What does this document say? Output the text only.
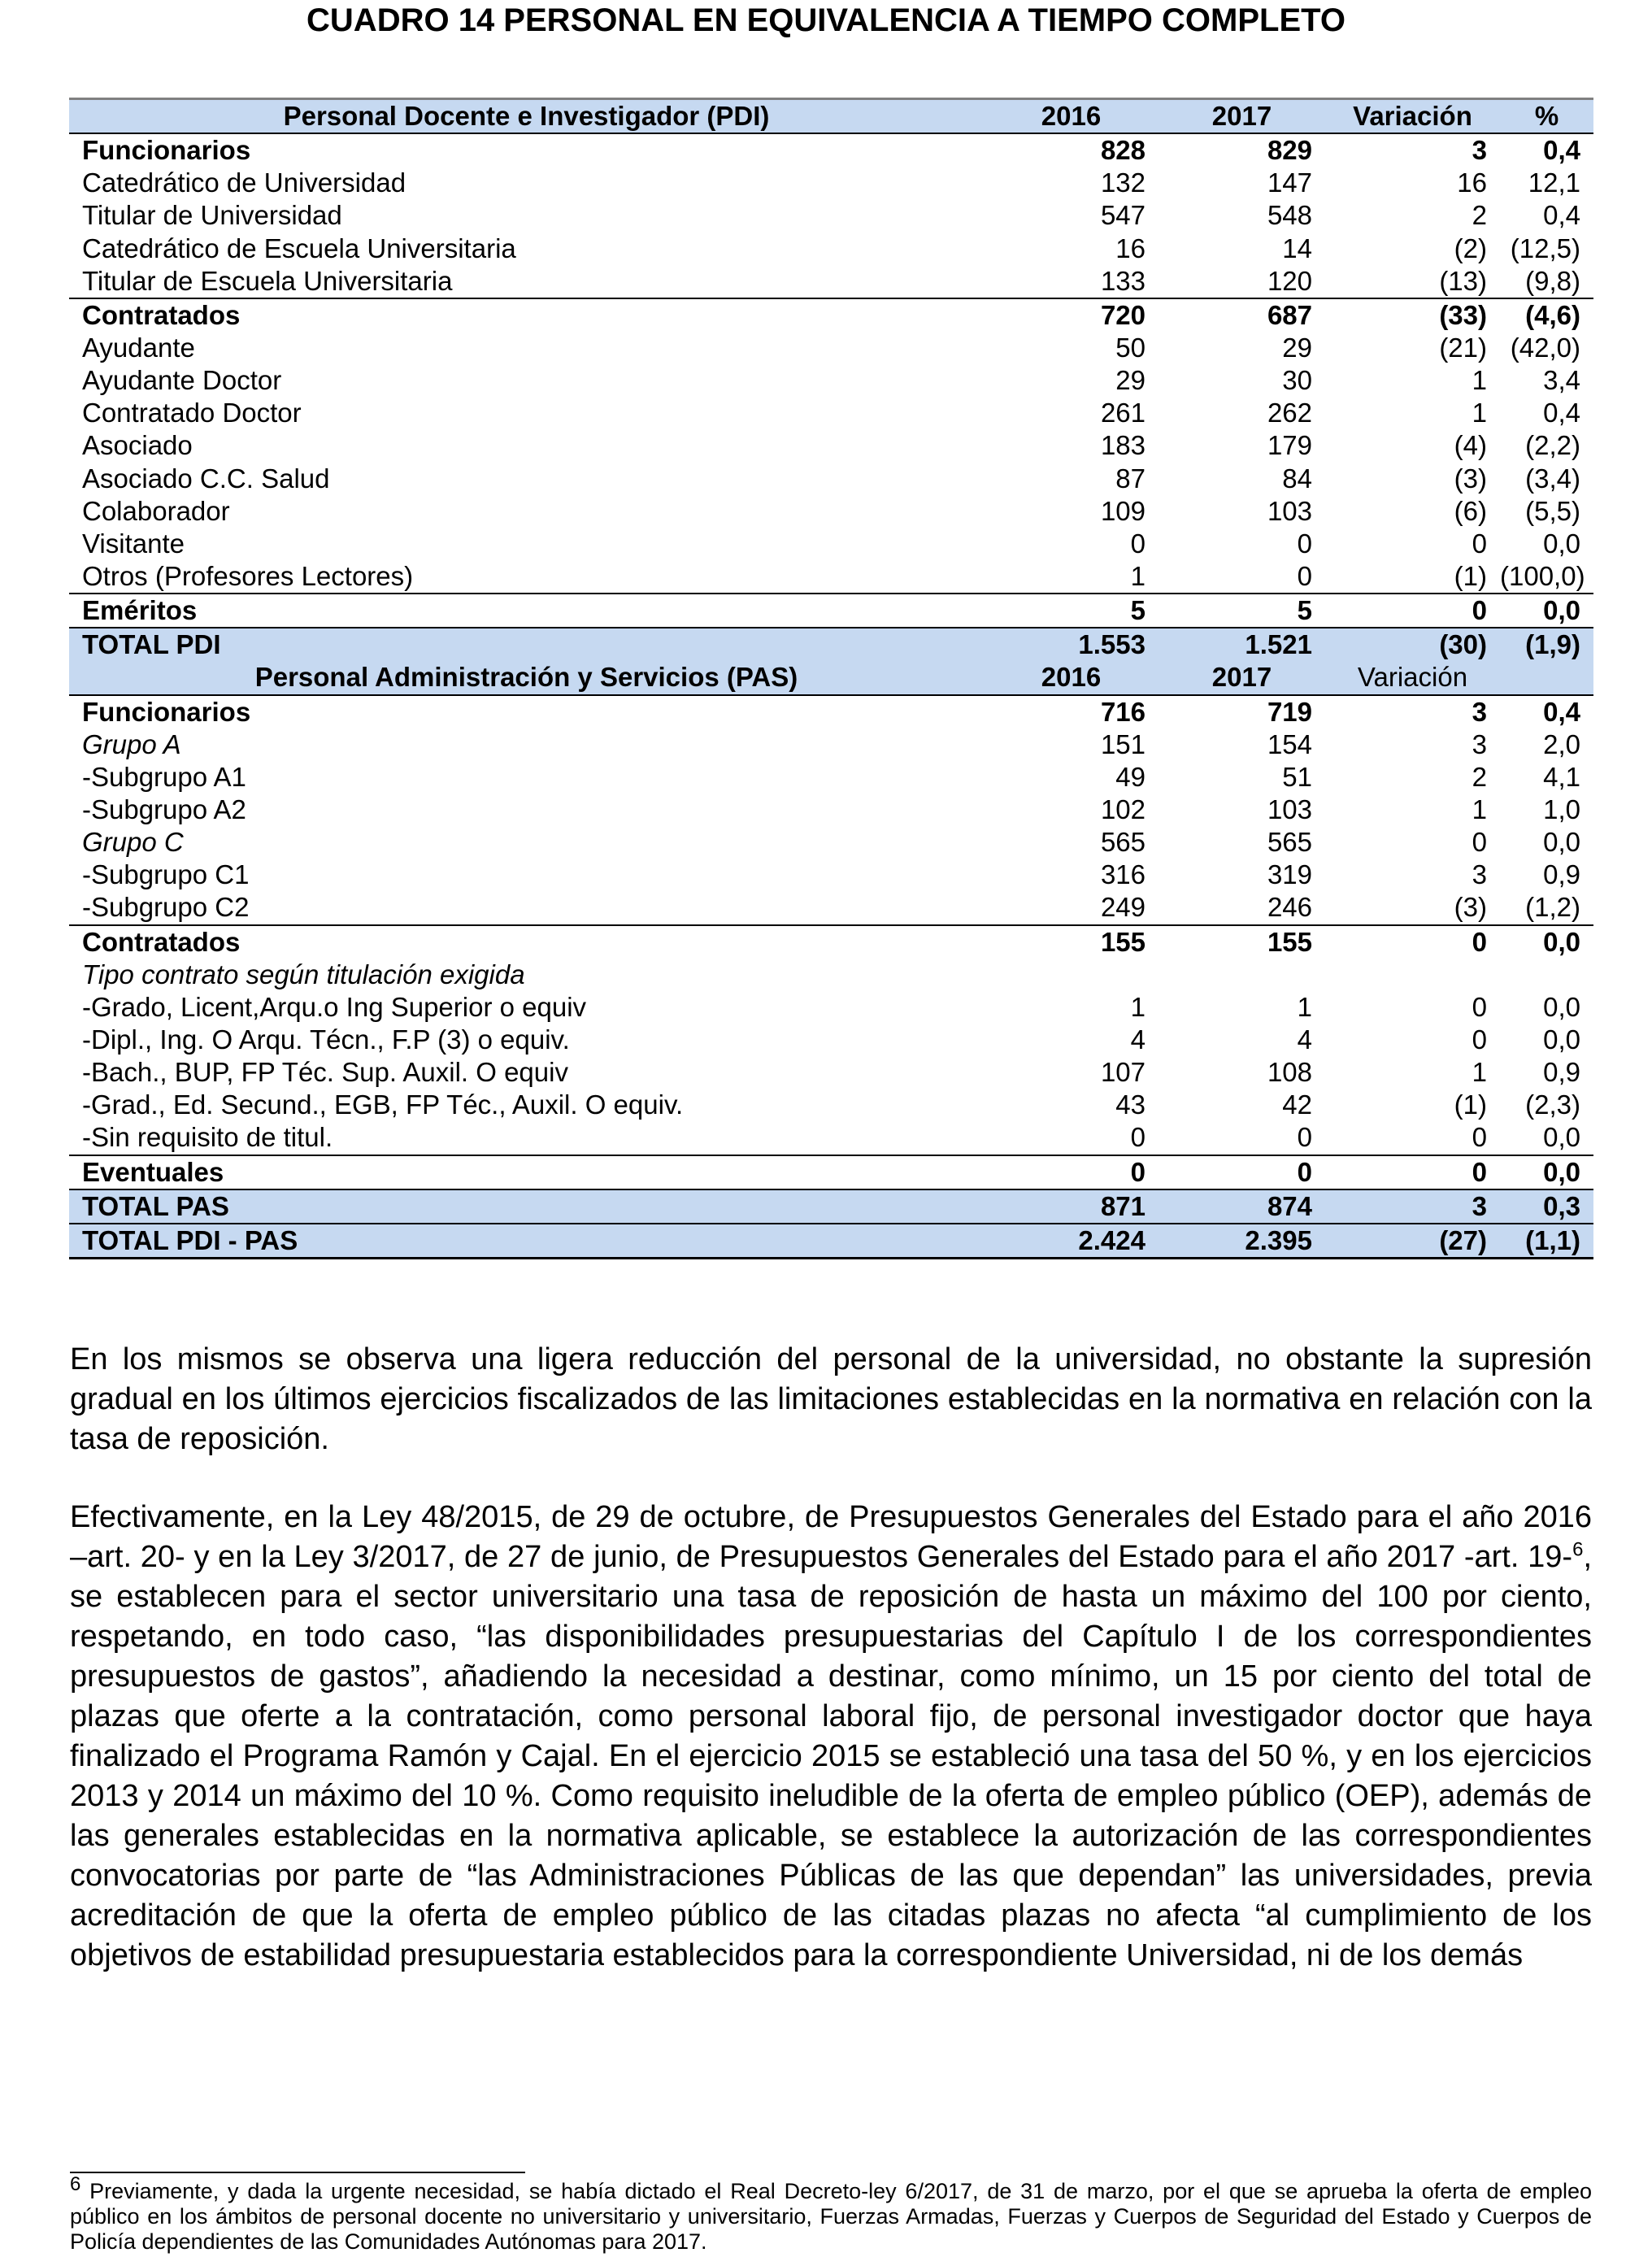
CUADRO 14 PERSONAL EN EQUIVALENCIA A TIEMPO COMPLETO
Personal Docente e Investigador (PDI)	2016	2017	Variación	%
Funcionarios	828	829	3	0,4
Catedrático de Universidad	132	147	16	12,1
Titular de Universidad	547	548	2	0,4
Catedrático de Escuela Universitaria	16	14	(2)	(12,5)
Titular de Escuela Universitaria	133	120	(13)	(9,8)
Contratados	720	687	(33)	(4,6)
Ayudante	50	29	(21)	(42,0)
Ayudante Doctor	29	30	1	3,4
Contratado Doctor	261	262	1	0,4
Asociado	183	179	(4)	(2,2)
Asociado C.C. Salud	87	84	(3)	(3,4)
Colaborador	109	103	(6)	(5,5)
Visitante	0	0	0	0,0
Otros (Profesores Lectores)	1	0	(1)	(100,0)
Eméritos	5	5	0	0,0
TOTAL PDI	1.553	1.521	(30)	(1,9)
Personal Administración y Servicios (PAS)	2016	2017	Variación	
Funcionarios	716	719	3	0,4
Grupo A	151	154	3	2,0
-Subgrupo A1	49	51	2	4,1
-Subgrupo A2	102	103	1	1,0
Grupo C	565	565	0	0,0
-Subgrupo C1	316	319	3	0,9
-Subgrupo C2	249	246	(3)	(1,2)
Contratados	155	155	0	0,0
Tipo contrato según titulación exigida				
-Grado, Licent,Arqu.o Ing Superior o equiv	1	1	0	0,0
-Dipl., Ing. O Arqu. Técn., F.P (3) o equiv.	4	4	0	0,0
-Bach., BUP, FP Téc. Sup. Auxil. O equiv	107	108	1	0,9
-Grad., Ed. Secund., EGB, FP Téc., Auxil. O equiv.	43	42	(1)	(2,3)
-Sin requisito de titul.	0	0	0	0,0
Eventuales	0	0	0	0,0
TOTAL PAS	871	874	3	0,3
TOTAL PDI - PAS	2.424	2.395	(27)	(1,1)

En los mismos se observa una ligera reducción del personal de la universidad, no obstante la supresión gradual en los últimos ejercicios fiscalizados de las limitaciones establecidas en la normativa en relación con la tasa de reposición.

Efectivamente, en la Ley 48/2015, de 29 de octubre, de Presupuestos Generales del Estado para el año 2016 –art. 20- y en la Ley 3/2017, de 27 de junio, de Presupuestos Generales del Estado para el año 2017 -art. 19-$^6$, se establecen para el sector universitario una tasa de reposición de hasta un máximo del 100 por ciento, respetando, en todo caso, “las disponibilidades presupuestarias del Capítulo I de los correspondientes presupuestos de gastos”, añadiendo la necesidad a destinar, como mínimo, un 15 por ciento del total de plazas que oferte a la contratación, como personal laboral fijo, de personal investigador doctor que haya finalizado el Programa Ramón y Cajal. En el ejercicio 2015 se estableció una tasa del 50 %, y en los ejercicios 2013 y 2014 un máximo del 10 %. Como requisito ineludible de la oferta de empleo público (OEP), además de las generales establecidas en la normativa aplicable, se establece la autorización de las correspondientes convocatorias por parte de “las Administraciones Públicas de las que dependan” las universidades, previa acreditación de que la oferta de empleo público de las citadas plazas no afecta “al cumplimiento de los objetivos de estabilidad presupuestaria establecidos para la correspondiente Universidad, ni de los demás

$^6$ Previamente, y dada la urgente necesidad, se había dictado el Real Decreto-ley 6/2017, de 31 de marzo, por el que se aprueba la oferta de empleo público en los ámbitos de personal docente no universitario y universitario, Fuerzas Armadas, Fuerzas y Cuerpos de Seguridad del Estado y Cuerpos de Policía dependientes de las Comunidades Autónomas para 2017.
